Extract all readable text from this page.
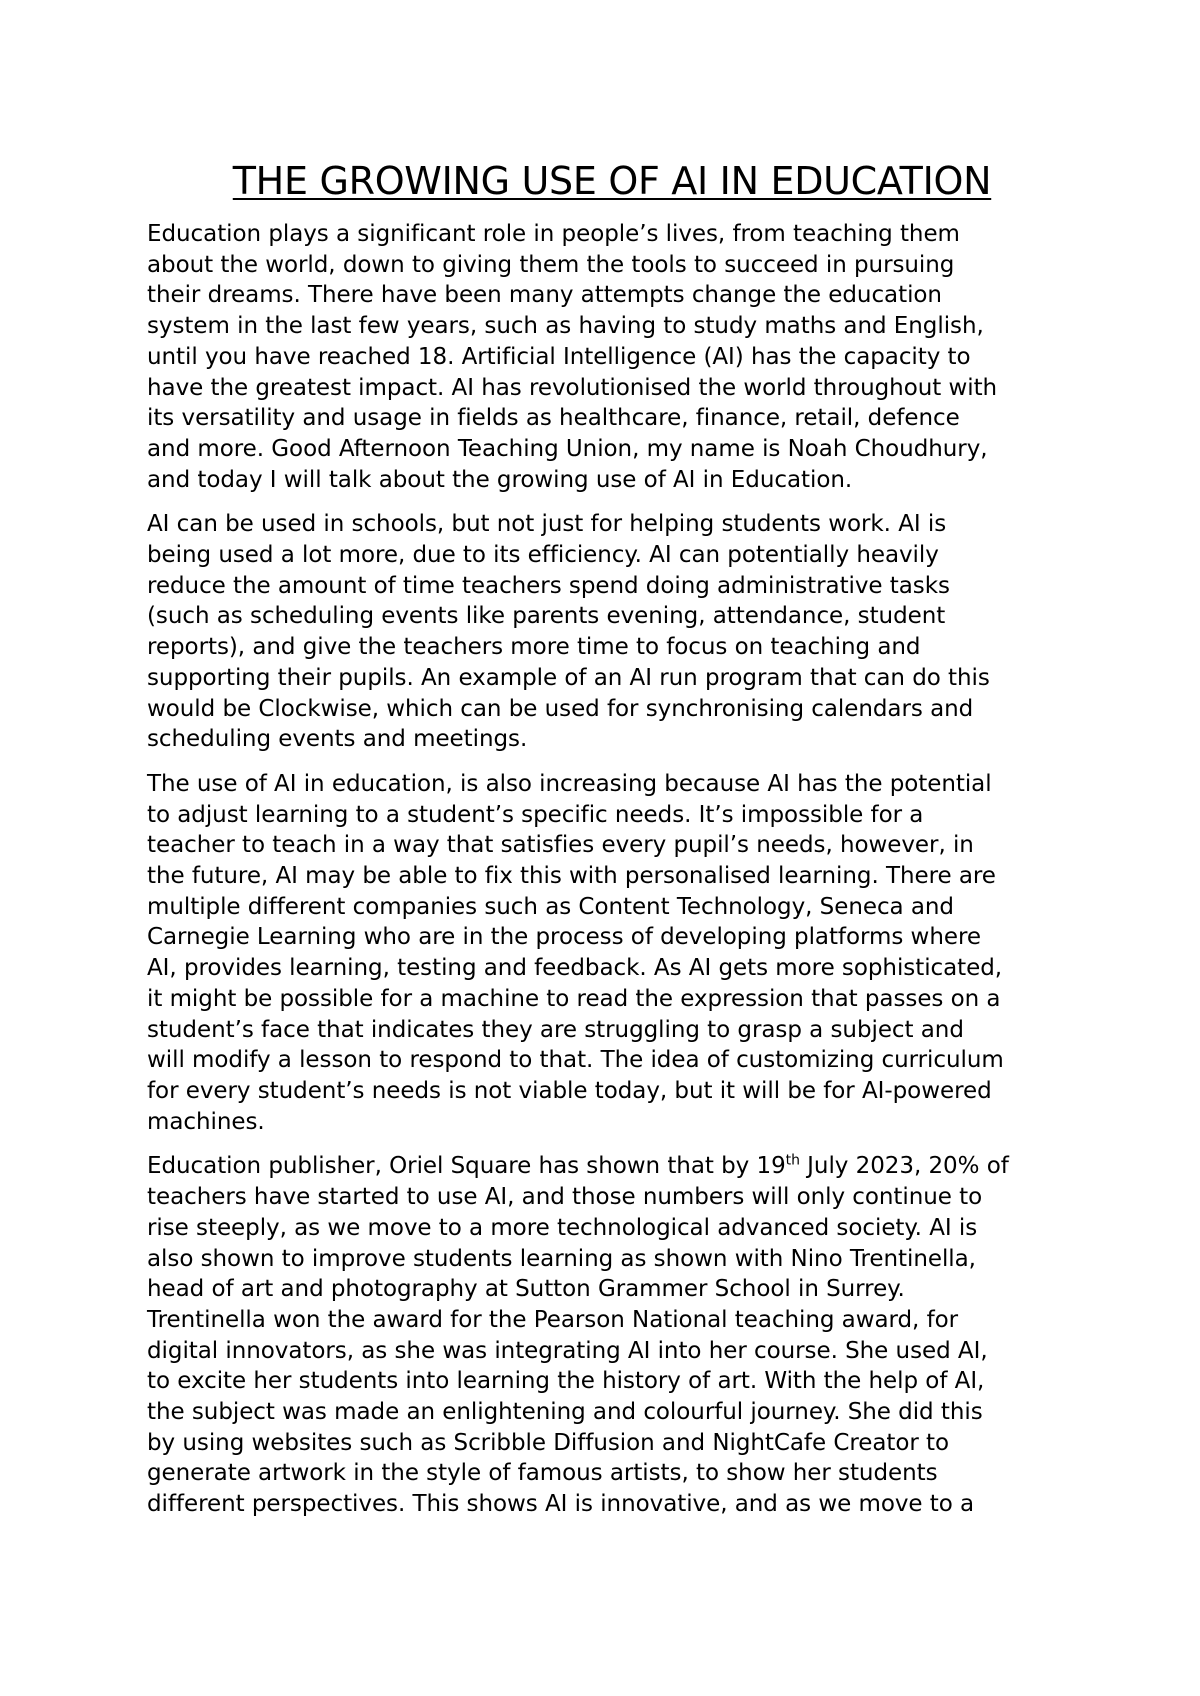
THE GROWING USE OF AI IN EDUCATION

Education plays a significant role in people’s lives, from teaching them
about the world, down to giving them the tools to succeed in pursuing
their dreams. There have been many attempts change the education
system in the last few years, such as having to study maths and English,
until you have reached 18. Artificial Intelligence (AI) has the capacity to
have the greatest impact. AI has revolutionised the world throughout with
its versatility and usage in fields as healthcare, finance, retail, defence
and more. Good Afternoon Teaching Union, my name is Noah Choudhury,
and today I will talk about the growing use of AI in Education.

AI can be used in schools, but not just for helping students work. AI is
being used a lot more, due to its efficiency. AI can potentially heavily
reduce the amount of time teachers spend doing administrative tasks
(such as scheduling events like parents evening, attendance, student
reports), and give the teachers more time to focus on teaching and
supporting their pupils. An example of an AI run program that can do this
would be Clockwise, which can be used for synchronising calendars and
scheduling events and meetings.

The use of AI in education, is also increasing because AI has the potential
to adjust learning to a student’s specific needs. It’s impossible for a
teacher to teach in a way that satisfies every pupil’s needs, however, in
the future, AI may be able to fix this with personalised learning. There are
multiple different companies such as Content Technology, Seneca and
Carnegie Learning who are in the process of developing platforms where
AI, provides learning, testing and feedback. As AI gets more sophisticated,
it might be possible for a machine to read the expression that passes on a
student’s face that indicates they are struggling to grasp a subject and
will modify a lesson to respond to that. The idea of customizing curriculum
for every student’s needs is not viable today, but it will be for AI-powered
machines.

Education publisher, Oriel Square has shown that by 19th July 2023, 20% of
teachers have started to use AI, and those numbers will only continue to
rise steeply, as we move to a more technological advanced society. AI is
also shown to improve students learning as shown with Nino Trentinella,
head of art and photography at Sutton Grammer School in Surrey.
Trentinella won the award for the Pearson National teaching award, for
digital innovators, as she was integrating AI into her course. She used AI,
to excite her students into learning the history of art. With the help of AI,
the subject was made an enlightening and colourful journey. She did this
by using websites such as Scribble Diffusion and NightCafe Creator to
generate artwork in the style of famous artists, to show her students
different perspectives. This shows AI is innovative, and as we move to a
